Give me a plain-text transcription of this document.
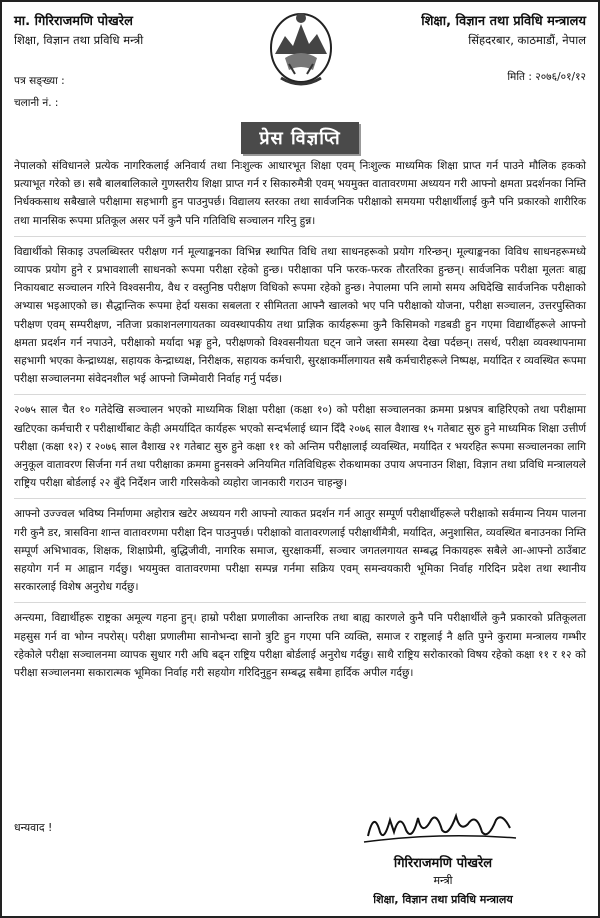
मा. गिरिराजमणि पोखरेल
शिक्षा, विज्ञान तथा प्रविधि मन्त्री
शिक्षा, विज्ञान तथा प्रविधि मन्त्रालय
सिंहदरबार, काठमाडौं, नेपाल
पत्र सङ्ख्या :
चलानी नं. :
मिति : २०७६/०१/१२
प्रेस विज्ञप्ति

नेपालको संविधानले प्रत्येक नागरिकलाई अनिवार्य तथा निःशुल्क आधारभूत शिक्षा एवम् निःशुल्क माध्यमिक शिक्षा प्राप्त गर्न पाउने मौलिक हकको प्रत्याभूत गरेको छ। सबै बालबालिकाले गुणस्तरीय शिक्षा प्राप्त गर्न र सिकारुमैत्री एवम् भयमुक्त वातावरणमा अध्ययन गरी आफ्नो क्षमता प्रदर्शनका निम्ति निर्धक्कसाथ सबैखाले परीक्षामा सहभागी हुन पाउनुपर्छ। विद्यालय स्तरका तथा सार्वजनिक परीक्षाको समयमा परीक्षार्थीलाई कुनै पनि प्रकारको शारीरिक तथा मानसिक रूपमा प्रतिकूल असर पर्ने कुनै पनि गतिविधि सञ्चालन गरिनु हुन्न।

विद्यार्थीको सिकाइ उपलब्धिस्तर परीक्षण गर्न मूल्याङ्कनका विभिन्न स्थापित विधि तथा साधनहरूको प्रयोग गरिन्छन्। मूल्याङ्कनका विविध साधनहरूमध्ये व्यापक प्रयोग हुने र प्रभावशाली साधनको रूपमा परीक्षा रहेको हुन्छ। परीक्षाका पनि फरक-फरक तौरतरिका हुन्छन्। सार्वजनिक परीक्षा मूलतः बाह्य निकायबाट सञ्चालन गरिने विश्वसनीय, वैध र वस्तुनिष्ठ परीक्षण विधिको रूपमा रहेको हुन्छ। नेपालमा पनि लामो समय अघिदेखि सार्वजनिक परीक्षाको अभ्यास भइआएको छ। सैद्धान्तिक रूपमा हेर्दा यसका सबलता र सीमितता आफ्नै खालको भए पनि परीक्षाको योजना, परीक्षा सञ्चालन, उत्तरपुस्तिका परीक्षण एवम् सम्परीक्षण, नतिजा प्रकाशनलगायतका व्यवस्थापकीय तथा प्राज्ञिक कार्यहरूमा कुनै किसिमको गडबडी हुन गएमा विद्यार्थीहरूले आफ्नो क्षमता प्रदर्शन गर्न नपाउने, परीक्षाको मर्यादा भङ्ग हुने, परीक्षणको विश्वसनीयता घट्न जाने जस्ता समस्या देखा पर्दछन्। तसर्थ, परीक्षा व्यवस्थापनामा सहभागी भएका केन्द्राध्यक्ष, सहायक केन्द्राध्यक्ष, निरीक्षक, सहायक कर्मचारी, सुरक्षाकर्मीलगायत सबै कर्मचारीहरूले निष्पक्ष, मर्यादित र व्यवस्थित रूपमा परीक्षा सञ्चालनमा संवेदनशील भई आफ्नो जिम्मेवारी निर्वाह गर्नु पर्दछ।

२०७५ साल चैत १० गतेदेखि सञ्चालन भएको माध्यमिक शिक्षा परीक्षा (कक्षा १०) को परीक्षा सञ्चालनका क्रममा प्रश्नपत्र बाहिरिएको तथा परीक्षामा खटिएका कर्मचारी र परीक्षार्थीबाट केही अमर्यादित कार्यहरू भएको सन्दर्भलाई ध्यान दिँदै २०७६ साल वैशाख १५ गतेबाट सुरु हुने माध्यमिक शिक्षा उत्तीर्ण परीक्षा (कक्षा १२) र २०७६ साल वैशाख २१ गतेबाट सुरु हुने कक्षा ११ को अन्तिम परीक्षालाई व्यवस्थित, मर्यादित र भयरहित रूपमा सञ्चालनका लागि अनुकूल वातावरण सिर्जना गर्न तथा परीक्षाका क्रममा हुनसक्ने अनियमित गतिविधिहरू रोकथामका उपाय अपनाउन शिक्षा, विज्ञान तथा प्रविधि मन्त्रालयले राष्ट्रिय परीक्षा बोर्डलाई २२ बुँदे निर्देशन जारी गरिसकेको व्यहोरा जानकारी गराउन चाहन्छु।

आफ्नो उज्ज्वल भविष्य निर्माणमा अहोरात्र खटेर अध्ययन गरी आफ्नो त्याकत प्रदर्शन गर्न आतुर सम्पूर्ण परीक्षार्थीहरूले परीक्षाको सर्वमान्य नियम पालना गरी कुनै डर, त्रासविना शान्त वातावरणमा परीक्षा दिन पाउनुपर्छ। परीक्षाको वातावरणलाई परीक्षार्थीमैत्री, मर्यादित, अनुशासित, व्यवस्थित बनाउनका निम्ति सम्पूर्ण अभिभावक, शिक्षक, शिक्षाप्रेमी, बुद्धिजीवी, नागरिक समाज, सुरक्षाकर्मी, सञ्चार जगतलगायत सम्बद्ध निकायहरू सबैले आ-आफ्नो ठाउँबाट सहयोग गर्न म आह्वान गर्दछु। भयमुक्त वातावरणमा परीक्षा सम्पन्न गर्नमा सक्रिय एवम् समन्वयकारी भूमिका निर्वाह गरिदिन प्रदेश तथा स्थानीय सरकारलाई विशेष अनुरोध गर्दछु।

अन्त्यमा, विद्यार्थीहरू राष्ट्रका अमूल्य गहना हुन्। हाम्रो परीक्षा प्रणालीका आन्तरिक तथा बाह्य कारणले कुनै पनि परीक्षार्थीले कुनै प्रकारको प्रतिकूलता महसुस गर्न वा भोग्न नपरोस्। परीक्षा प्रणालीमा सानोभन्दा सानो त्रुटि हुन गएमा पनि व्यक्ति, समाज र राष्ट्रलाई नै क्षति पुग्ने कुरामा मन्त्रालय गम्भीर रहेकोले परीक्षा सञ्चालनमा व्यापक सुधार गरी अघि बढ्न राष्ट्रिय परीक्षा बोर्डलाई अनुरोध गर्दछु। साथै राष्ट्रिय सरोकारको विषय रहेको कक्षा ११ र १२ को परीक्षा सञ्चालनमा सकारात्मक भूमिका निर्वाह गरी सहयोग गरिदिनुहुन सम्बद्ध सबैमा हार्दिक अपील गर्दछु।

धन्यवाद !
गिरिराजमणि पोखरेल
मन्त्री
शिक्षा, विज्ञान तथा प्रविधि मन्त्रालय
